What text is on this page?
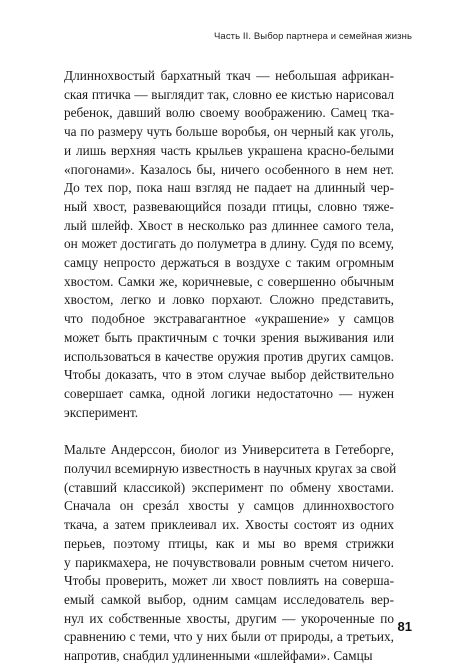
Часть II. Выбор партнера и семейная жизнь
Длиннохвостый бархатный ткач — небольшая африкан-
ская птичка — выглядит так, словно ее кистью нарисовал
ребенок, давший волю своему воображению. Самец тка-
ча по размеру чуть больше воробья, он черный как уголь,
и лишь верхняя часть крыльев украшена красно-белыми
«погонами». Казалось бы, ничего особенного в нем нет.
До тех пор, пока наш взгляд не падает на длинный чер-
ный хвост, развевающийся позади птицы, словно тяже-
лый шлейф. Хвост в несколько раз длиннее самого тела,
он может достигать до полуметра в длину. Судя по всему,
самцу непросто держаться в воздухе с таким огромным
хвостом. Самки же, коричневые, с совершенно обычным
хвостом, легко и ловко порхают. Сложно представить,
что подобное экстравагантное «украшение» у самцов
может быть практичным с точки зрения выживания или
использоваться в качестве оружия против других самцов.
Чтобы доказать, что в этом случае выбор действительно
совершает самка, одной логики недостаточно — нужен
эксперимент.
Мальте Андерссон, биолог из Университета в Гетеборге,
получил всемирную известность в научных кругах за свой
(ставший классикой) эксперимент по обмену хвостами.
Сначала он срезáл хвосты у самцов длиннохвостого
ткача, а затем приклеивал их. Хвосты состоят из одних
перьев, поэтому птицы, как и мы во время стрижки
у парикмахера, не почувствовали ровным счетом ничего.
Чтобы проверить, может ли хвост повлиять на соверша-
емый самкой выбор, одним самцам исследователь вер-
нул их собственные хвосты, другим — укороченные по
сравнению с теми, что у них были от природы, а третьих,
напротив, снабдил удлиненными «шлейфами». Самцы
81
